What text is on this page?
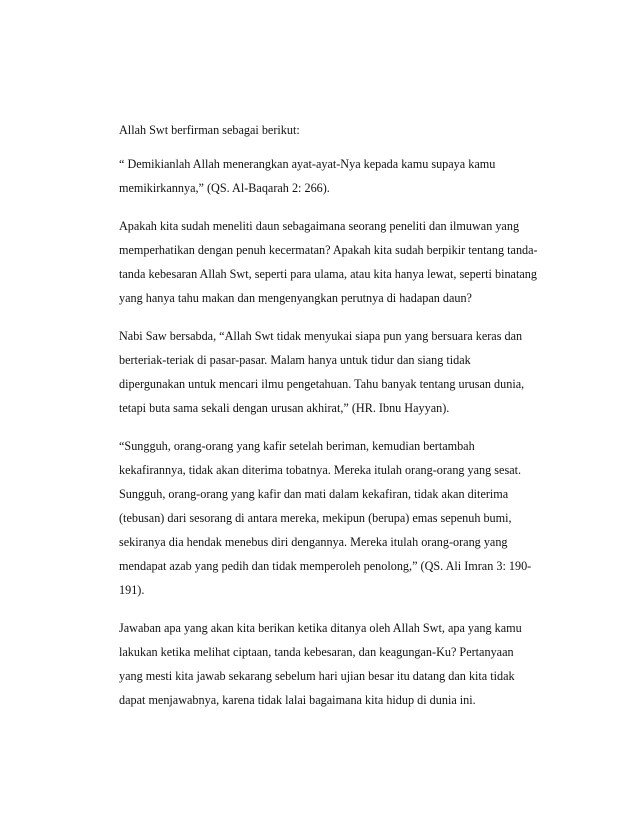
Allah Swt berfirman sebagai berikut:

“ Demikianlah Allah menerangkan ayat-ayat-Nya kepada kamu supaya kamu
memikirkannya,” (QS. Al-Baqarah 2: 266).

Apakah kita sudah meneliti daun sebagaimana seorang peneliti dan ilmuwan yang
memperhatikan dengan penuh kecermatan? Apakah kita sudah berpikir tentang tanda-
tanda kebesaran Allah Swt, seperti para ulama, atau kita hanya lewat, seperti binatang
yang hanya tahu makan dan mengenyangkan perutnya di hadapan daun?

Nabi Saw bersabda, “Allah Swt tidak menyukai siapa pun yang bersuara keras dan
berteriak-teriak di pasar-pasar. Malam hanya untuk tidur dan siang tidak
dipergunakan untuk mencari ilmu pengetahuan. Tahu banyak tentang urusan dunia,
tetapi buta sama sekali dengan urusan akhirat,” (HR. Ibnu Hayyan).

“Sungguh, orang-orang yang kafir setelah beriman, kemudian bertambah
kekafirannya, tidak akan diterima tobatnya. Mereka itulah orang-orang yang sesat.
Sungguh, orang-orang yang kafir dan mati dalam kekafiran, tidak akan diterima
(tebusan) dari sesorang di antara mereka, mekipun (berupa) emas sepenuh bumi,
sekiranya dia hendak menebus diri dengannya. Mereka itulah orang-orang yang
mendapat azab yang pedih dan tidak memperoleh penolong,” (QS. Ali Imran 3: 190-
191).

Jawaban apa yang akan kita berikan ketika ditanya oleh Allah Swt, apa yang kamu
lakukan ketika melihat ciptaan, tanda kebesaran, dan keagungan-Ku? Pertanyaan
yang mesti kita jawab sekarang sebelum hari ujian besar itu datang dan kita tidak
dapat menjawabnya, karena tidak lalai bagaimana kita hidup di dunia ini.
